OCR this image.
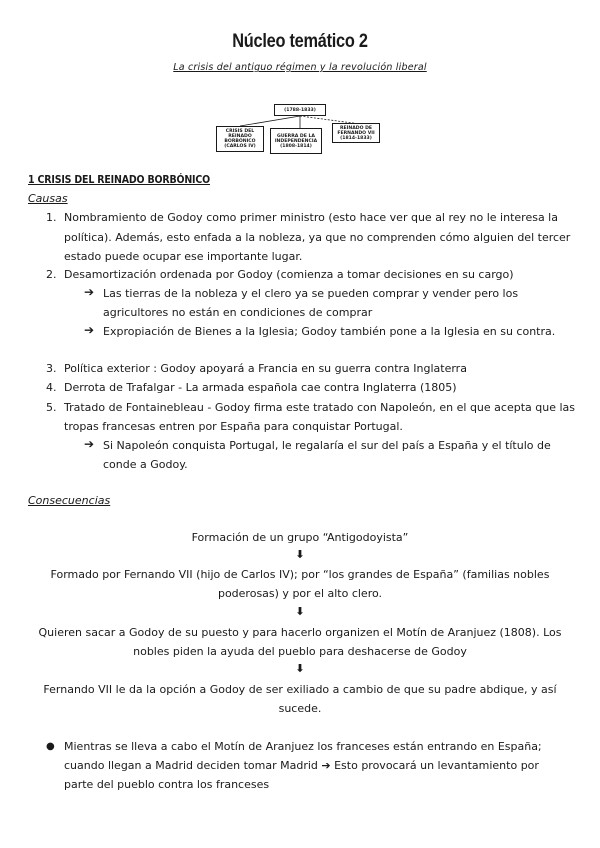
Núcleo temático 2
La crisis del antiguo régimen y la revolución liberal
(1788-1833)
CRISIS DEL
REINADO
BORBÓNICO
(CARLOS IV)
GUERRA DE LA
INDEPENDENCIA
(1808-1814)
REINADO DE
FERNANDO VII
(1814-1833)
1 CRISIS DEL REINADO BORBÓNICO
Causas
1. Nombramiento de Godoy como primer ministro (esto hace ver que al rey no le interesa la
política). Además, esto enfada a la nobleza, ya que no comprenden cómo alguien del tercer
estado puede ocupar ese importante lugar.
2. Desamortización ordenada por Godoy (comienza a tomar decisiones en su cargo)
➔ Las tierras de la nobleza y el clero ya se pueden comprar y vender pero los
agricultores no están en condiciones de comprar
➔ Expropiación de Bienes a la Iglesia; Godoy también pone a la Iglesia en su contra.
3. Política exterior : Godoy apoyará a Francia en su guerra contra Inglaterra
4. Derrota de Trafalgar - La armada española cae contra Inglaterra (1805)
5. Tratado de Fontainebleau - Godoy firma este tratado con Napoleón, en el que acepta que las
tropas francesas entren por España para conquistar Portugal.
➔ Si Napoleón conquista Portugal, le regalaría el sur del país a España y el título de
conde a Godoy.
Consecuencias
Formación de un grupo “Antigodoyista”
⬇
Formado por Fernando VII (hijo de Carlos IV); por “los grandes de España” (familias nobles
poderosas) y por el alto clero.
⬇
Quieren sacar a Godoy de su puesto y para hacerlo organizen el Motín de Aranjuez (1808). Los
nobles piden la ayuda del pueblo para deshacerse de Godoy
⬇
Fernando VII le da la opción a Godoy de ser exiliado a cambio de que su padre abdique, y así
sucede.
● Mientras se lleva a cabo el Motín de Aranjuez los franceses están entrando en España;
cuando llegan a Madrid deciden tomar Madrid ➔ Esto provocará un levantamiento por
parte del pueblo contra los franceses
